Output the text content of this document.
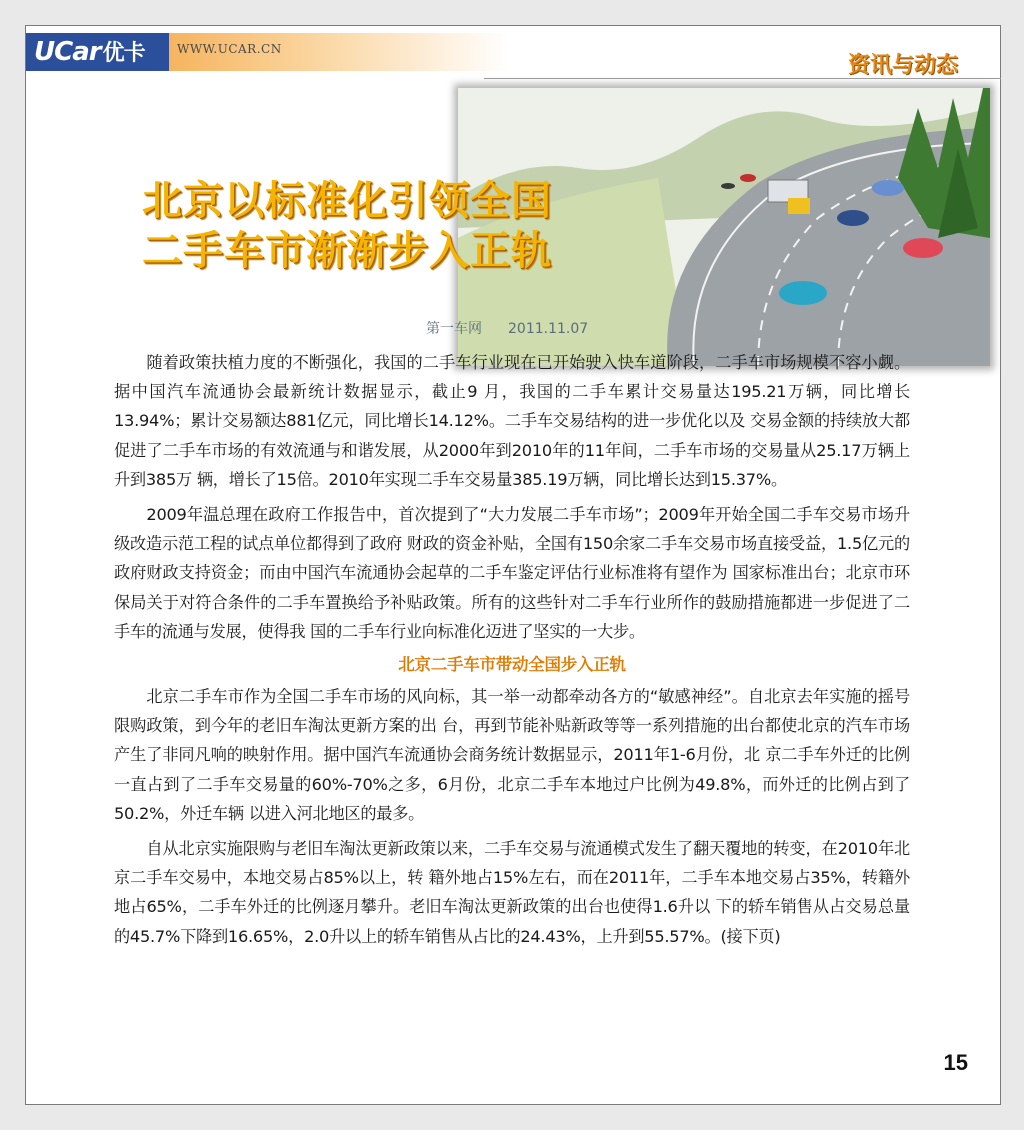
UCar优卡	WWW.UCAR.CN
资讯与动态
北京以标准化引领全国
二手车市渐渐步入正轨
第一车网 2011.11.07

随着政策扶植力度的不断强化，我国的二手车行业现在已开始驶入快车道阶段，二手车市场规模不容小觑。据中国汽车流通协会最新统计数据显示，截止9 月，我国的二手车累计交易量达195.21万辆，同比增长13.94%；累计交易额达881亿元，同比增长14.12%。二手车交易结构的进一步优化以及 交易金额的持续放大都促进了二手车市场的有效流通与和谐发展，从2000年到2010年的11年间，二手车市场的交易量从25.17万辆上升到385万 辆，增长了15倍。2010年实现二手车交易量385.19万辆，同比增长达到15.37%。

2009年温总理在政府工作报告中，首次提到了“大力发展二手车市场”；2009年开始全国二手车交易市场升级改造示范工程的试点单位都得到了政府 财政的资金补贴，全国有150余家二手车交易市场直接受益，1.5亿元的政府财政支持资金；而由中国汽车流通协会起草的二手车鉴定评估行业标准将有望作为 国家标准出台；北京市环保局关于对符合条件的二手车置换给予补贴政策。所有的这些针对二手车行业所作的鼓励措施都进一步促进了二手车的流通与发展，使得我 国的二手车行业向标准化迈进了坚实的一大步。

北京二手车市带动全国步入正轨

北京二手车市作为全国二手车市场的风向标，其一举一动都牵动各方的“敏感神经”。自北京去年实施的摇号限购政策，到今年的老旧车淘汰更新方案的出 台，再到节能补贴新政等等一系列措施的出台都使北京的汽车市场产生了非同凡响的映射作用。据中国汽车流通协会商务统计数据显示，2011年1-6月份，北 京二手车外迁的比例一直占到了二手车交易量的60%-70%之多，6月份，北京二手车本地过户比例为49.8%，而外迁的比例占到了50.2%，外迁车辆 以进入河北地区的最多。

自从北京实施限购与老旧车淘汰更新政策以来，二手车交易与流通模式发生了翻天覆地的转变，在2010年北京二手车交易中，本地交易占85%以上，转 籍外地占15%左右，而在2011年，二手车本地交易占35%，转籍外地占65%，二手车外迁的比例逐月攀升。老旧车淘汰更新政策的出台也使得1.6升以 下的轿车销售从占交易总量的45.7%下降到16.65%，2.0升以上的轿车销售从占比的24.43%，上升到55.57%。(接下页)

15
